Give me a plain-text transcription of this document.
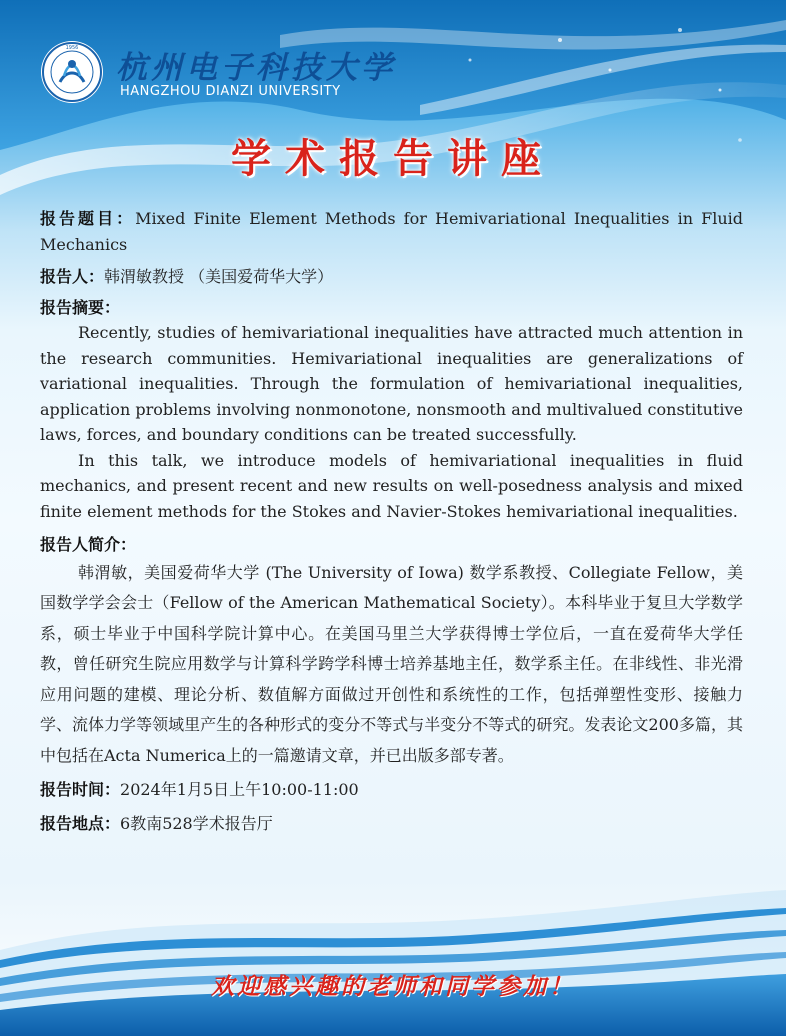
1956
杭州电子科技大学
HANGZHOU DIANZI UNIVERSITY
学术报告讲座

报告题目：Mixed Finite Element Methods for Hemivariational Inequalities in Fluid Mechanics

报告人：韩渭敏教授 （美国爱荷华大学）

报告摘要：

Recently, studies of hemivariational inequalities have attracted much attention in the research communities. Hemivariational inequalities are generalizations of variational inequalities. Through the formulation of hemivariational inequalities, application problems involving nonmonotone, nonsmooth and multivalued constitutive laws, forces, and boundary conditions can be treated successfully.

In this talk, we introduce models of hemivariational inequalities in fluid mechanics, and present recent and new results on well-posedness analysis and mixed finite element methods for the Stokes and Navier-Stokes hemivariational inequalities.

报告人简介：

韩渭敏，美国爱荷华大学 (The University of Iowa) 数学系教授、Collegiate Fellow，美国数学学会会士（Fellow of the American Mathematical Society）。本科毕业于复旦大学数学系，硕士毕业于中国科学院计算中心。在美国马里兰大学获得博士学位后，一直在爱荷华大学任教，曾任研究生院应用数学与计算科学跨学科博士培养基地主任，数学系主任。在非线性、非光滑应用问题的建模、理论分析、数值解方面做过开创性和系统性的工作，包括弹塑性变形、接触力学、流体力学等领域里产生的各种形式的变分不等式与半变分不等式的研究。发表论文200多篇，其中包括在Acta Numerica上的一篇邀请文章，并已出版多部专著。

报告时间：2024年1月5日上午10:00-11:00

报告地点：6教南528学术报告厅

欢迎感兴趣的老师和同学参加！
